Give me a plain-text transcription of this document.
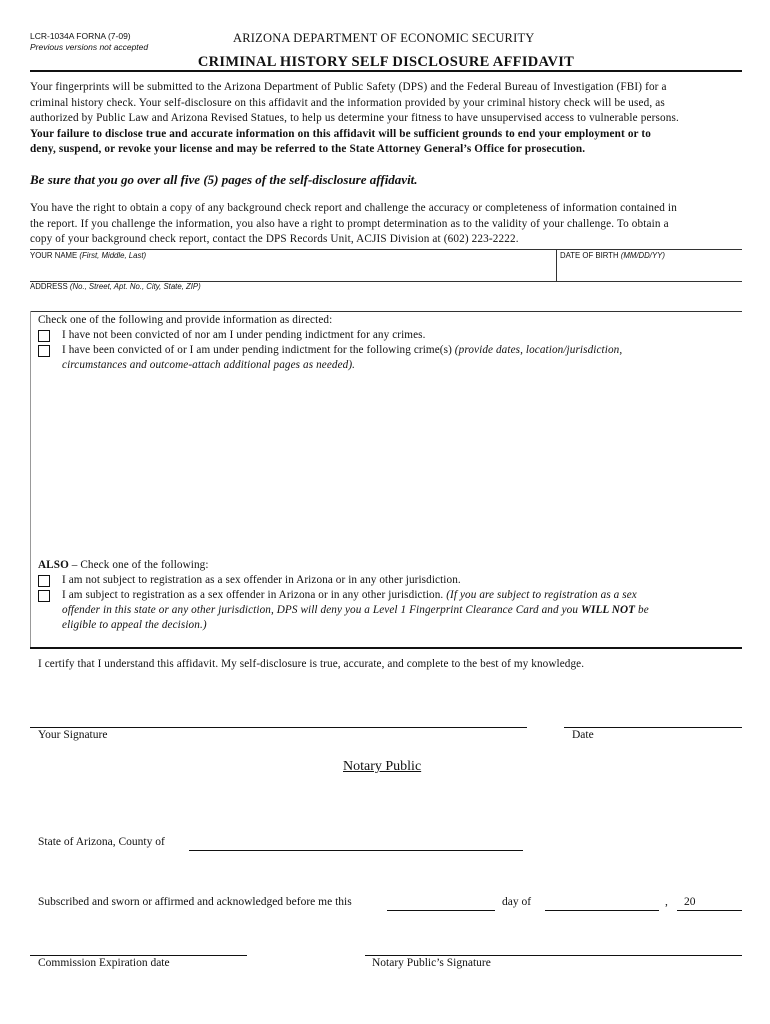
LCR-1034A FORNA (7-09)
Previous versions not accepted
ARIZONA DEPARTMENT OF ECONOMIC SECURITY
CRIMINAL HISTORY SELF DISCLOSURE AFFIDAVIT
Your fingerprints will be submitted to the Arizona Department of Public Safety (DPS) and the Federal Bureau of Investigation (FBI) for a
criminal history check. Your self-disclosure on this affidavit and the information provided by your criminal history check will be used, as
authorized by Public Law and Arizona Revised Statues, to help us determine your fitness to have unsupervised access to vulnerable persons.
Your failure to disclose true and accurate information on this affidavit will be sufficient grounds to end your employment or to
deny, suspend, or revoke your license and may be referred to the State Attorney General’s Office for prosecution.
Be sure that you go over all five (5) pages of the self-disclosure affidavit.
You have the right to obtain a copy of any background check report and challenge the accuracy or completeness of information contained in
the report. If you challenge the information, you also have a right to prompt determination as to the validity of your challenge. To obtain a
copy of your background check report, contact the DPS Records Unit, ACJIS Division at (602) 223-2222.
YOUR NAME (First, Middle, Last)	DATE OF BIRTH (MM/DD/YY)
ADDRESS (No., Street, Apt. No., City, State, ZIP)
Check one of the following and provide information as directed:
I have not been convicted of nor am I under pending indictment for any crimes.
I have been convicted of or I am under pending indictment for the following crime(s) (provide dates, location/jurisdiction,
circumstances and outcome-attach additional pages as needed).
ALSO – Check one of the following:
I am not subject to registration as a sex offender in Arizona or in any other jurisdiction.
I am subject to registration as a sex offender in Arizona or in any other jurisdiction. (If you are subject to registration as a sex
offender in this state or any other jurisdiction, DPS will deny you a Level 1 Fingerprint Clearance Card and you WILL NOT be
eligible to appeal the decision.)
I certify that I understand this affidavit. My self-disclosure is true, accurate, and complete to the best of my knowledge.
Your Signature	Date
Notary Public
State of Arizona, County of
Subscribed and sworn or affirmed and acknowledged before me this	day of	, 20
Commission Expiration date	Notary Public’s Signature
